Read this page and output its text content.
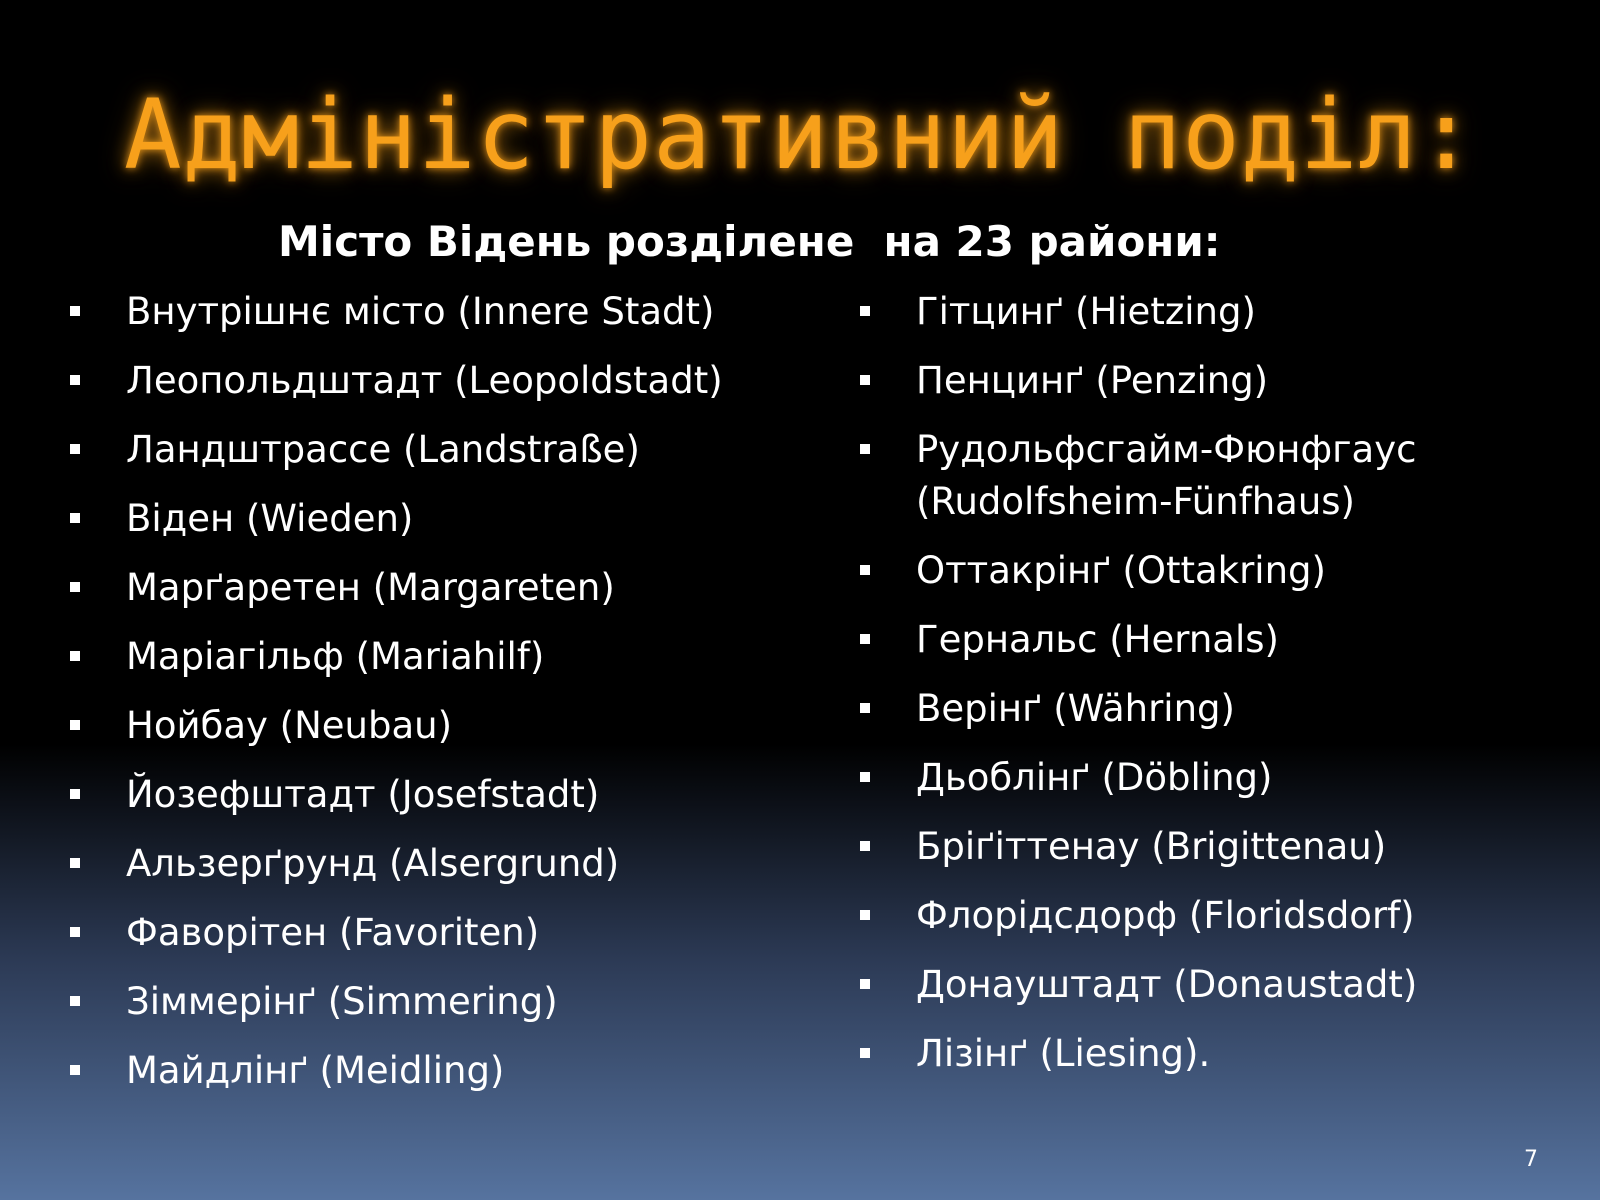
Адміністративний поділ:
Місто Відень розділене  на 23 райони:
Внутрішнє місто (Innere Stadt)
Леопольдштадт (Leopoldstadt)
Ландштрассе (Landstraße)
Віден (Wieden)
Марґаретен (Margareten)
Маріагільф (Mariahilf)
Нойбау (Neubau)
Йозефштадт (Josefstadt)
Альзерґрунд (Alsergrund)
Фаворітен (Favoriten)
Зіммерінґ (Simmering)
Майдлінґ (Meidling)
Гітцинґ (Hietzing)
Пенцинґ (Penzing)
Рудольфсгайм-Фюнфгаус (Rudolfsheim-Fünfhaus)
Оттакрінґ (Ottakring)
Гернальс (Hernals)
Верінґ (Währing)
Дьоблінґ (Döbling)
Бріґіттенау (Brigittenau)
Флорідсдорф (Floridsdorf)
Донауштадт (Donaustadt)
Лізінґ (Liesing).
7
